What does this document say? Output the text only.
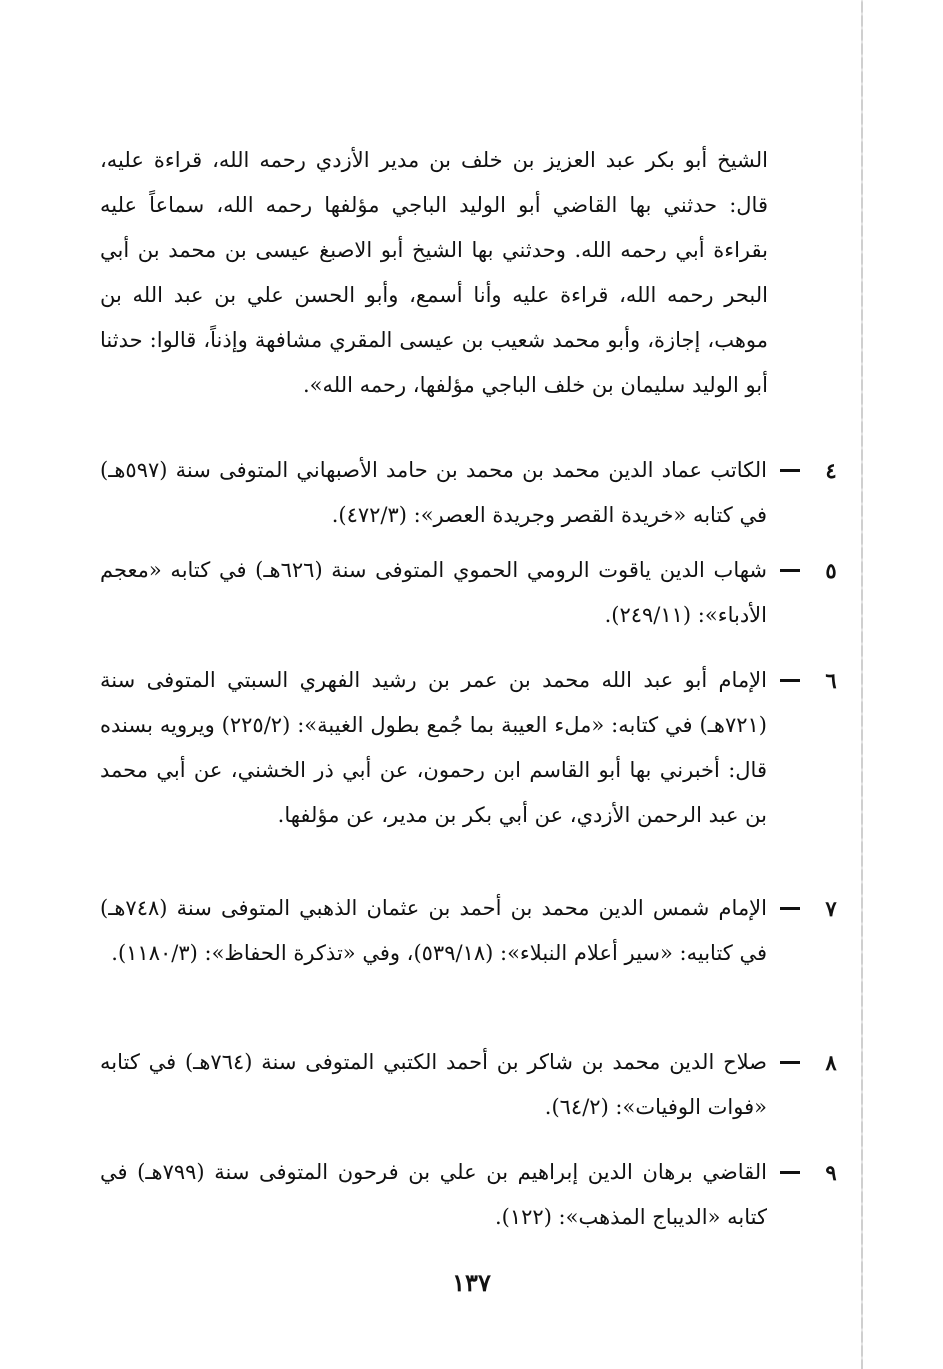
الشيخ أبو بكر عبد العزيز بن خلف بن مدير الأزدي رحمه الله، قراءة عليه، قال: حدثني بها القاضي أبو الوليد الباجي مؤلفها رحمه الله، سماعاً عليه بقراءة أبي رحمه الله. وحدثني بها الشيخ أبو الاصبغ عيسى بن محمد بن أبي البحر رحمه الله، قراءة عليه وأنا أسمع، وأبو الحسن علي بن عبد الله بن موهب، إجازة، وأبو محمد شعيب بن عيسى المقري مشافهة وإذناً، قالوا: حدثنا أبو الوليد سليمان بن خلف الباجي مؤلفها، رحمه الله».

٤
الكاتب عماد الدين محمد بن محمد بن حامد الأصبهاني المتوفى سنة (٥٩٧هـ) في كتابه «خريدة القصر وجريدة العصر»: (٤٧٢/٣).
٥
شهاب الدين ياقوت الرومي الحموي المتوفى سنة (٦٢٦هـ) في كتابه «معجم الأدباء»: (٢٤٩/١١).
٦
الإمام أبو عبد الله محمد بن عمر بن رشيد الفهري السبتي المتوفى سنة (٧٢١هـ) في كتابه: «ملء العيبة بما جُمع بطول الغيبة»: (٢٢٥/٢) ويرويه بسنده قال: أخبرني بها أبو القاسم ابن رحمون، عن أبي ذر الخشني، عن أبي محمد بن عبد الرحمن الأزدي، عن أبي بكر بن مدير، عن مؤلفها.
٧
الإمام شمس الدين محمد بن أحمد بن عثمان الذهبي المتوفى سنة (٧٤٨هـ) في كتابيه: «سير أعلام النبلاء»: (٥٣٩/١٨)، وفي «تذكرة الحفاظ»: (١١٨٠/٣).
٨
صلاح الدين محمد بن شاكر بن أحمد الكتبي المتوفى سنة (٧٦٤هـ) في كتابه «فوات الوفيات»: (٦٤/٢).
٩
القاضي برهان الدين إبراهيم بن علي بن فرحون المتوفى سنة (٧٩٩هـ) في كتابه «الديباج المذهب»: (١٢٢).
١٣٧
